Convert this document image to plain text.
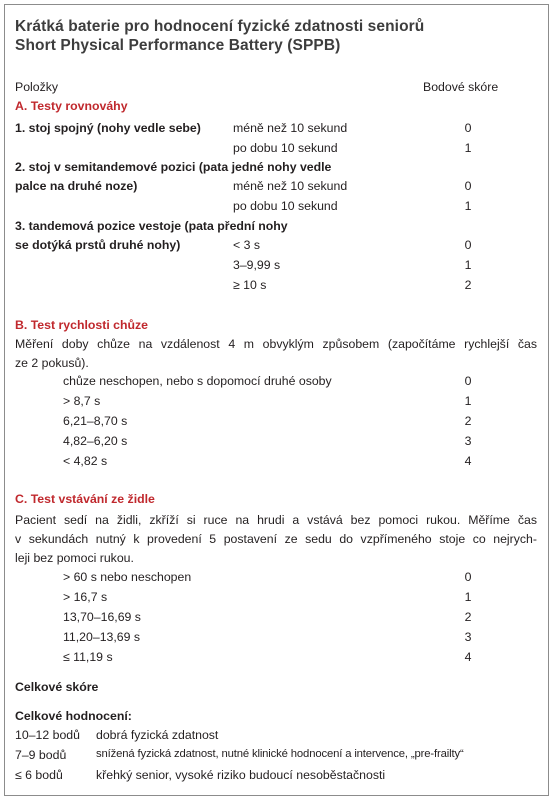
Krátká baterie pro hodnocení fyzické zdatnosti seniorů
Short Physical Performance Battery (SPPB)
Položky	Bodové skóre
A. Testy rovnováhy
1. stoj spojný (nohy vedle sebe)	méně než 10 sekund	0
po dobu 10 sekund	1
2. stoj v semitandemové pozici (pata jedné nohy vedle
palce na druhé noze)	méně než 10 sekund	0
po dobu 10 sekund	1
3. tandemová pozice vestoje (pata přední nohy
se dotýká prstů druhé nohy)	< 3 s	0
3–9,99 s	1
≥ 10 s	2
B. Test rychlosti chůze
Měření doby chůze na vzdálenost 4 m obvyklým způsobem (započítáme rychlejší čas
ze 2 pokusů).
chůze neschopen, nebo s dopomocí druhé osoby	0
> 8,7 s	1
6,21–8,70 s	2
4,82–6,20 s	3
< 4,82 s	4
C. Test vstávání ze židle
Pacient sedí na židli, zkříží si ruce na hrudi a vstává bez pomoci rukou. Měříme čas
v sekundách nutný k provedení 5 postavení ze sedu do vzpřímeného stoje co nejrych-
leji bez pomoci rukou.
> 60 s nebo neschopen	0
> 16,7 s	1
13,70–16,69 s	2
11,20–13,69 s	3
≤ 11,19 s	4
Celkové skóre
Celkové hodnocení:
10–12 bodů dobrá fyzická zdatnost
7–9 bodů	snížená fyzická zdatnost, nutné klinické hodnocení a intervence, „pre-frailty“
≤ 6 bodů	křehký senior, vysoké riziko budoucí nesoběstačnosti
